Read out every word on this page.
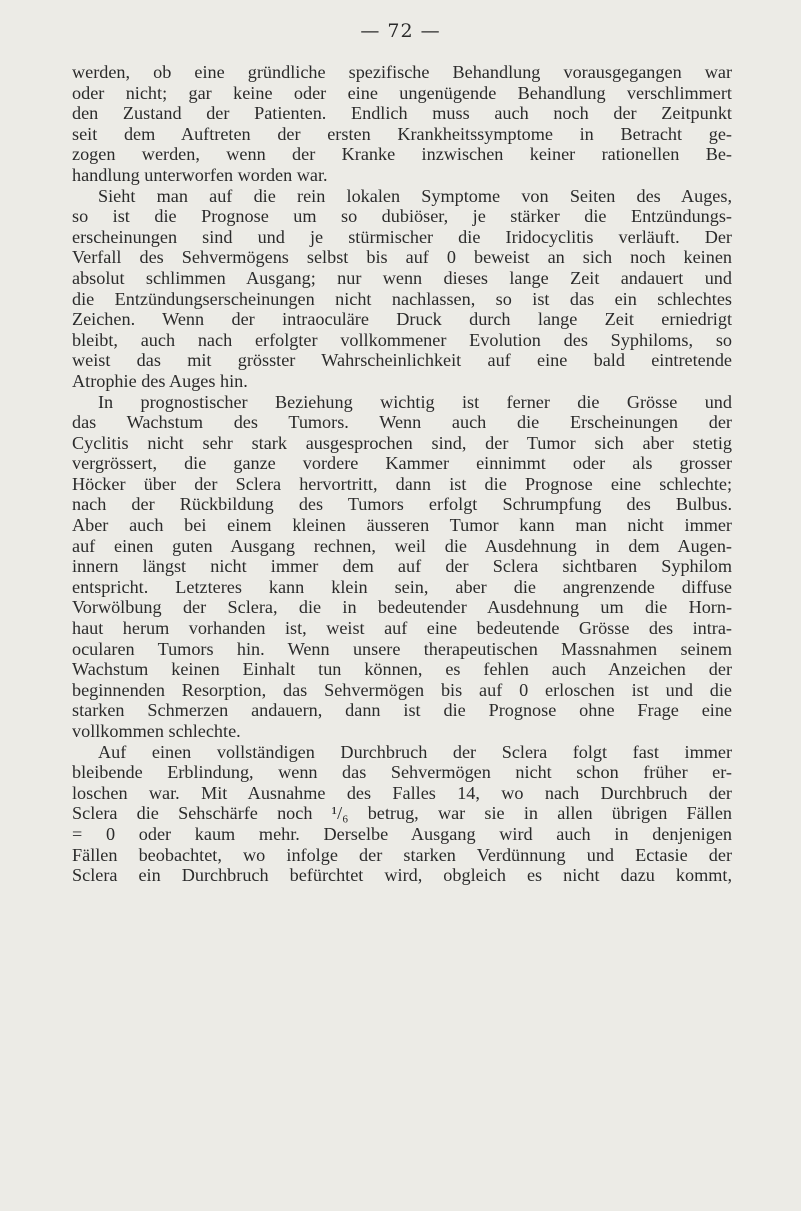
— 72 —
werden, ob eine gründliche spezifische Behandlung vorausgegangen war
oder nicht; gar keine oder eine ungenügende Behandlung verschlimmert
den Zustand der Patienten. Endlich muss auch noch der Zeitpunkt
seit dem Auftreten der ersten Krankheitssymptome in Betracht ge-
zogen werden, wenn der Kranke inzwischen keiner rationellen Be-
handlung unterworfen worden war.
Sieht man auf die rein lokalen Symptome von Seiten des Auges,
so ist die Prognose um so dubiöser, je stärker die Entzündungs-
erscheinungen sind und je stürmischer die Iridocyclitis verläuft. Der
Verfall des Sehvermögens selbst bis auf 0 beweist an sich noch keinen
absolut schlimmen Ausgang; nur wenn dieses lange Zeit andauert und
die Entzündungserscheinungen nicht nachlassen, so ist das ein schlechtes
Zeichen. Wenn der intraoculäre Druck durch lange Zeit erniedrigt
bleibt, auch nach erfolgter vollkommener Evolution des Syphiloms, so
weist das mit grösster Wahrscheinlichkeit auf eine bald eintretende
Atrophie des Auges hin.
In prognostischer Beziehung wichtig ist ferner die Grösse und
das Wachstum des Tumors. Wenn auch die Erscheinungen der
Cyclitis nicht sehr stark ausgesprochen sind, der Tumor sich aber stetig
vergrössert, die ganze vordere Kammer einnimmt oder als grosser
Höcker über der Sclera hervortritt, dann ist die Prognose eine schlechte;
nach der Rückbildung des Tumors erfolgt Schrumpfung des Bulbus.
Aber auch bei einem kleinen äusseren Tumor kann man nicht immer
auf einen guten Ausgang rechnen, weil die Ausdehnung in dem Augen-
innern längst nicht immer dem auf der Sclera sichtbaren Syphilom
entspricht. Letzteres kann klein sein, aber die angrenzende diffuse
Vorwölbung der Sclera, die in bedeutender Ausdehnung um die Horn-
haut herum vorhanden ist, weist auf eine bedeutende Grösse des intra-
ocularen Tumors hin. Wenn unsere therapeutischen Massnahmen seinem
Wachstum keinen Einhalt tun können, es fehlen auch Anzeichen der
beginnenden Resorption, das Sehvermögen bis auf 0 erloschen ist und die
starken Schmerzen andauern, dann ist die Prognose ohne Frage eine
vollkommen schlechte.
Auf einen vollständigen Durchbruch der Sclera folgt fast immer
bleibende Erblindung, wenn das Sehvermögen nicht schon früher er-
loschen war. Mit Ausnahme des Falles 14, wo nach Durchbruch der
Sclera die Sehschärfe noch ¹/₆ betrug, war sie in allen übrigen Fällen
= 0 oder kaum mehr. Derselbe Ausgang wird auch in denjenigen
Fällen beobachtet, wo infolge der starken Verdünnung und Ectasie der
Sclera ein Durchbruch befürchtet wird, obgleich es nicht dazu kommt,
